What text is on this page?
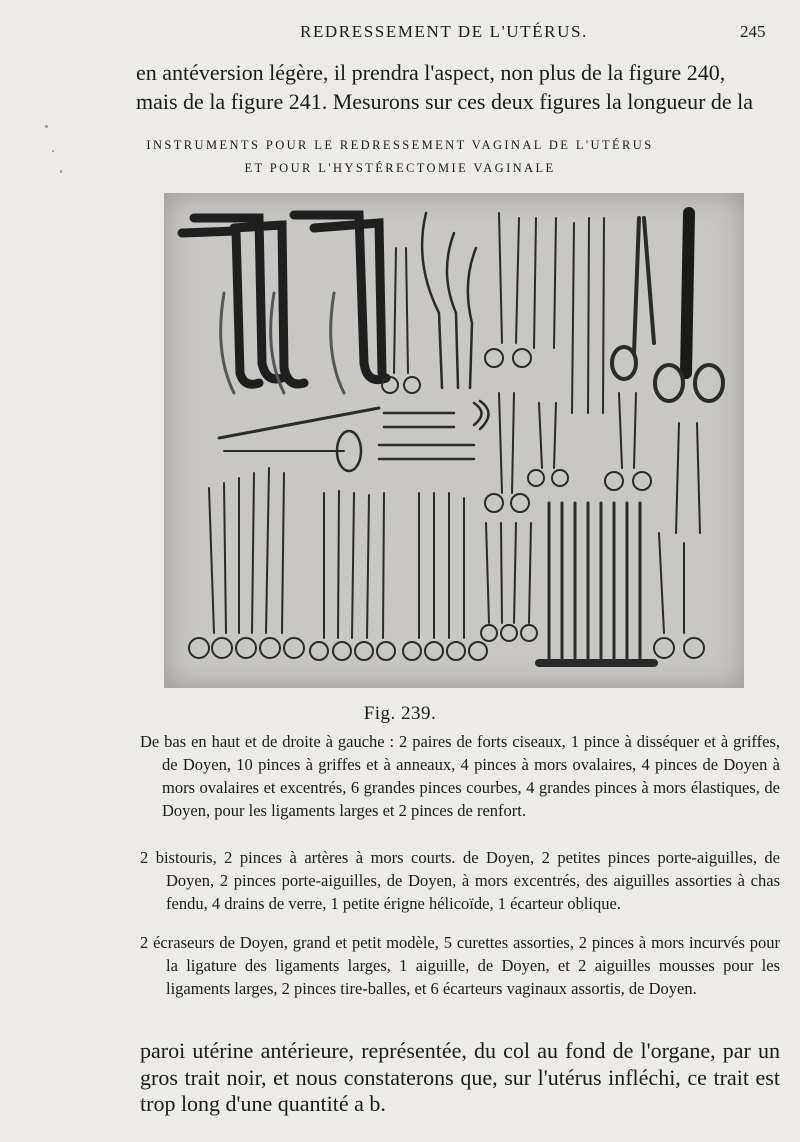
REDRESSEMENT DE L'UTÉRUS.	245
en antéversion légère, il prendra l'aspect, non plus de la figure 240,
mais de la figure 241. Mesurons sur ces deux figures la longueur de la
INSTRUMENTS POUR LE REDRESSEMENT VAGINAL DE L'UTÉRUS
ET POUR L'HYSTÉRECTOMIE VAGINALE
Fig. 239.
De bas en haut et de droite à gauche : 2 paires de forts ciseaux, 1 pince à disséquer et à griffes, de Doyen, 10 pinces à griffes et à anneaux, 4 pinces à mors ovalaires, 4 pinces de Doyen à mors ovalaires et excentrés, 6 grandes pinces courbes, 4 grandes pinces à mors élastiques, de Doyen, pour les ligaments larges et 2 pinces de renfort.
2 bistouris, 2 pinces à artères à mors courts. de Doyen, 2 petites pinces porte-aiguilles, de Doyen, 2 pinces porte-aiguilles, de Doyen, à mors excentrés, des aiguilles assorties à chas fendu, 4 drains de verre, 1 petite érigne hélicoïde, 1 écarteur oblique.
2 écraseurs de Doyen, grand et petit modèle, 5 curettes assorties, 2 pinces à mors incurvés pour la ligature des ligaments larges, 1 aiguille, de Doyen, et 2 aiguilles mousses pour les ligaments larges, 2 pinces tire-balles, et 6 écarteurs vaginaux assortis, de Doyen.
paroi utérine antérieure, représentée, du col au fond de l'organe, par un gros trait noir, et nous constaterons que, sur l'utérus infléchi, ce trait est trop long d'une quantité a b.
